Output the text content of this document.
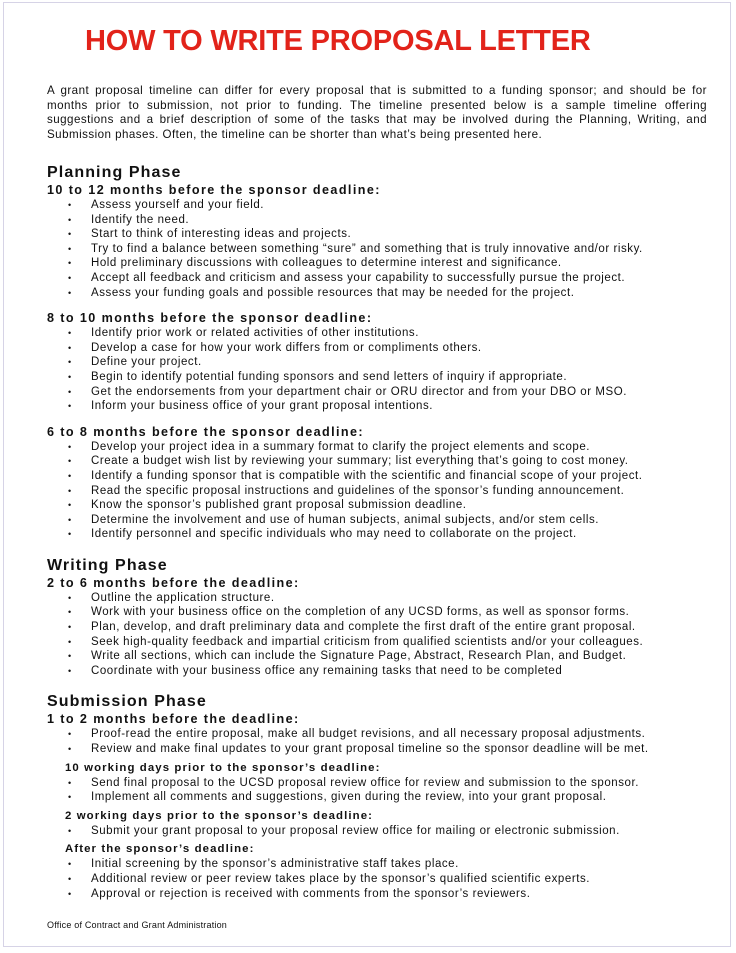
HOW TO WRITE PROPOSAL LETTER
A grant proposal timeline can differ for every proposal that is submitted to a funding sponsor; and should be for months prior to submission, not prior to funding. The timeline presented below is a sample timeline offering suggestions and a brief description of some of the tasks that may be involved during the Planning, Writing, and Submission phases. Often, the timeline can be shorter than what’s being presented here.
Planning Phase
10 to 12 months before the sponsor deadline:
• Assess yourself and your field.
• Identify the need.
• Start to think of interesting ideas and projects.
• Try to find a balance between something “sure” and something that is truly innovative and/or risky.
• Hold preliminary discussions with colleagues to determine interest and significance.
• Accept all feedback and criticism and assess your capability to successfully pursue the project.
• Assess your funding goals and possible resources that may be needed for the project.
8 to 10 months before the sponsor deadline:
• Identify prior work or related activities of other institutions.
• Develop a case for how your work differs from or compliments others.
• Define your project.
• Begin to identify potential funding sponsors and send letters of inquiry if appropriate.
• Get the endorsements from your department chair or ORU director and from your DBO or MSO.
• Inform your business office of your grant proposal intentions.
6 to 8 months before the sponsor deadline:
• Develop your project idea in a summary format to clarify the project elements and scope.
• Create a budget wish list by reviewing your summary; list everything that’s going to cost money.
• Identify a funding sponsor that is compatible with the scientific and financial scope of your project.
• Read the specific proposal instructions and guidelines of the sponsor’s funding announcement.
• Know the sponsor’s published grant proposal submission deadline.
• Determine the involvement and use of human subjects, animal subjects, and/or stem cells.
• Identify personnel and specific individuals who may need to collaborate on the project.
Writing Phase
2 to 6 months before the deadline:
• Outline the application structure.
• Work with your business office on the completion of any UCSD forms, as well as sponsor forms.
• Plan, develop, and draft preliminary data and complete the first draft of the entire grant proposal.
• Seek high-quality feedback and impartial criticism from qualified scientists and/or your colleagues.
• Write all sections, which can include the Signature Page, Abstract, Research Plan, and Budget.
• Coordinate with your business office any remaining tasks that need to be completed
Submission Phase
1 to 2 months before the deadline:
• Proof-read the entire proposal, make all budget revisions, and all necessary proposal adjustments.
• Review and make final updates to your grant proposal timeline so the sponsor deadline will be met.
10 working days prior to the sponsor’s deadline:
• Send final proposal to the UCSD proposal review office for review and submission to the sponsor.
• Implement all comments and suggestions, given during the review, into your grant proposal.
2 working days prior to the sponsor’s deadline:
• Submit your grant proposal to your proposal review office for mailing or electronic submission.
After the sponsor’s deadline:
• Initial screening by the sponsor’s administrative staff takes place.
• Additional review or peer review takes place by the sponsor’s qualified scientific experts.
• Approval or rejection is received with comments from the sponsor’s reviewers.
Office of Contract and Grant Administration
